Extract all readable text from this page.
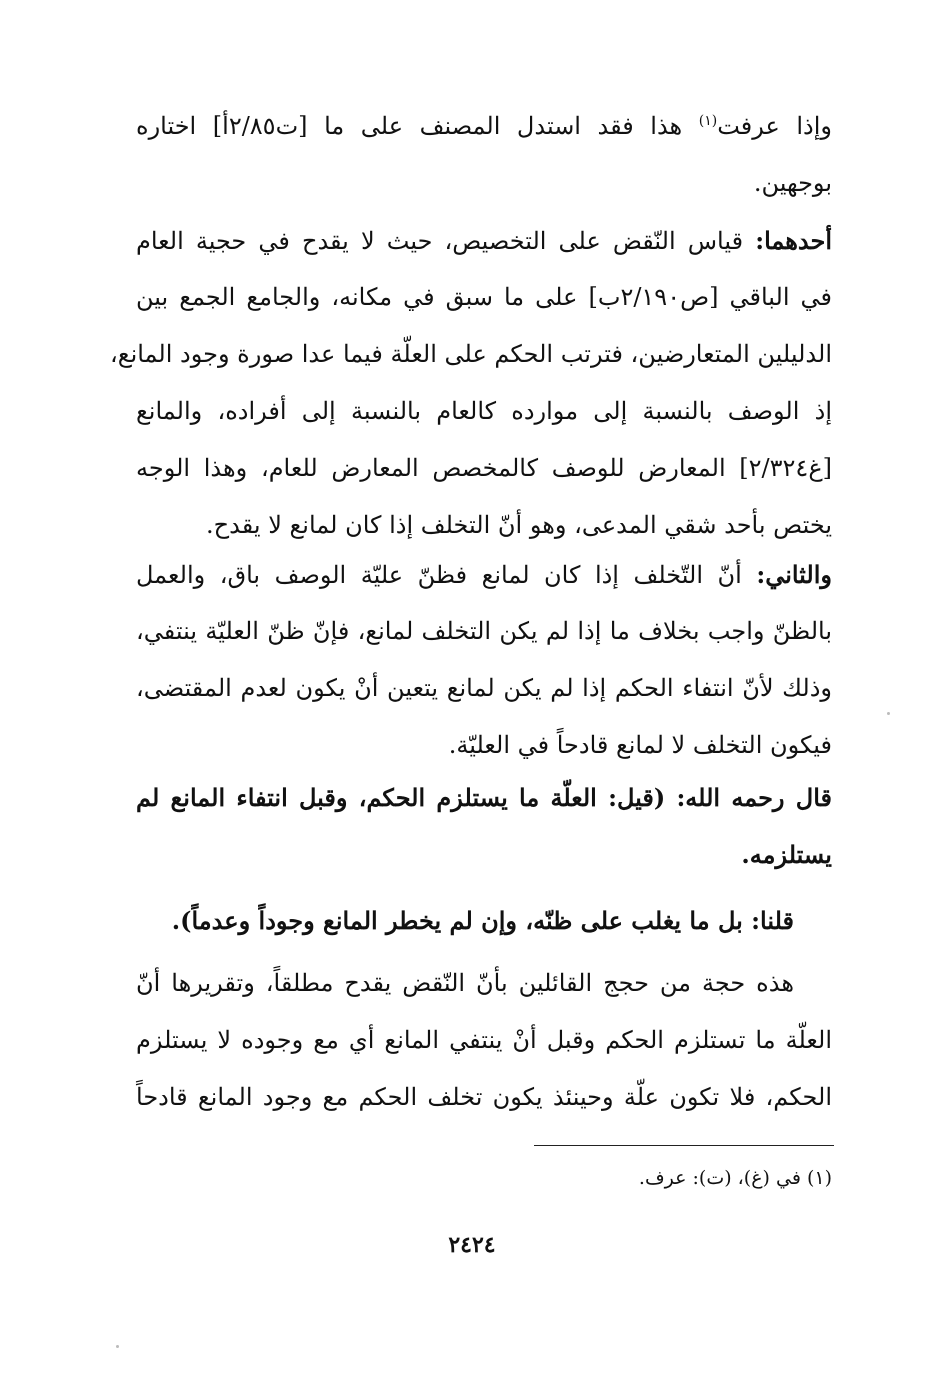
وإذا عرفت$^{(١)}$ هذا فقد استدل المصنف على ما [ت٢/٨٥أ] اختاره
بوجهين.
أحدهما: قياس النّقض على التخصيص، حيث لا يقدح في حجية العام
في الباقي [ص٢/١٩٠ب] على ما سبق في مكانه، والجامع الجمع بين
الدليلين المتعارضين، فترتب الحكم على العلّة فيما عدا صورة وجود المانع،
إذ الوصف بالنسبة إلى موارده كالعام بالنسبة إلى أفراده، والمانع
[غ٢/٣٢٤] المعارض للوصف كالمخصص المعارض للعام، وهذا الوجه
يختص بأحد شقي المدعى، وهو أنّ التخلف إذا كان لمانع لا يقدح.
والثاني: أنّ التّخلف إذا كان لمانع فظنّ عليّة الوصف باق، والعمل
بالظنّ واجب بخلاف ما إذا لم يكن التخلف لمانع، فإنّ ظنّ العليّة ينتفي،
وذلك لأنّ انتفاء الحكم إذا لم يكن لمانع يتعين أنْ يكون لعدم المقتضى،
فيكون التخلف لا لمانع قادحاً في العليّة.
قال رحمه الله: (قيل: العلّة ما يستلزم الحكم، وقبل انتفاء المانع لم
يستلزمه.
قلنا: بل ما يغلب على ظنّه، وإن لم يخطر المانع وجوداً وعدماً).
هذه حجة من حجج القائلين بأنّ النّقض يقدح مطلقاً، وتقريرها أنّ
العلّة ما تستلزم الحكم وقبل أنْ ينتفي المانع أي مع وجوده لا يستلزم
الحكم، فلا تكون علّة وحينئذ يكون تخلف الحكم مع وجود المانع قادحاً
(١) في (غ)، (ت): عرف.
٢٤٢٤
